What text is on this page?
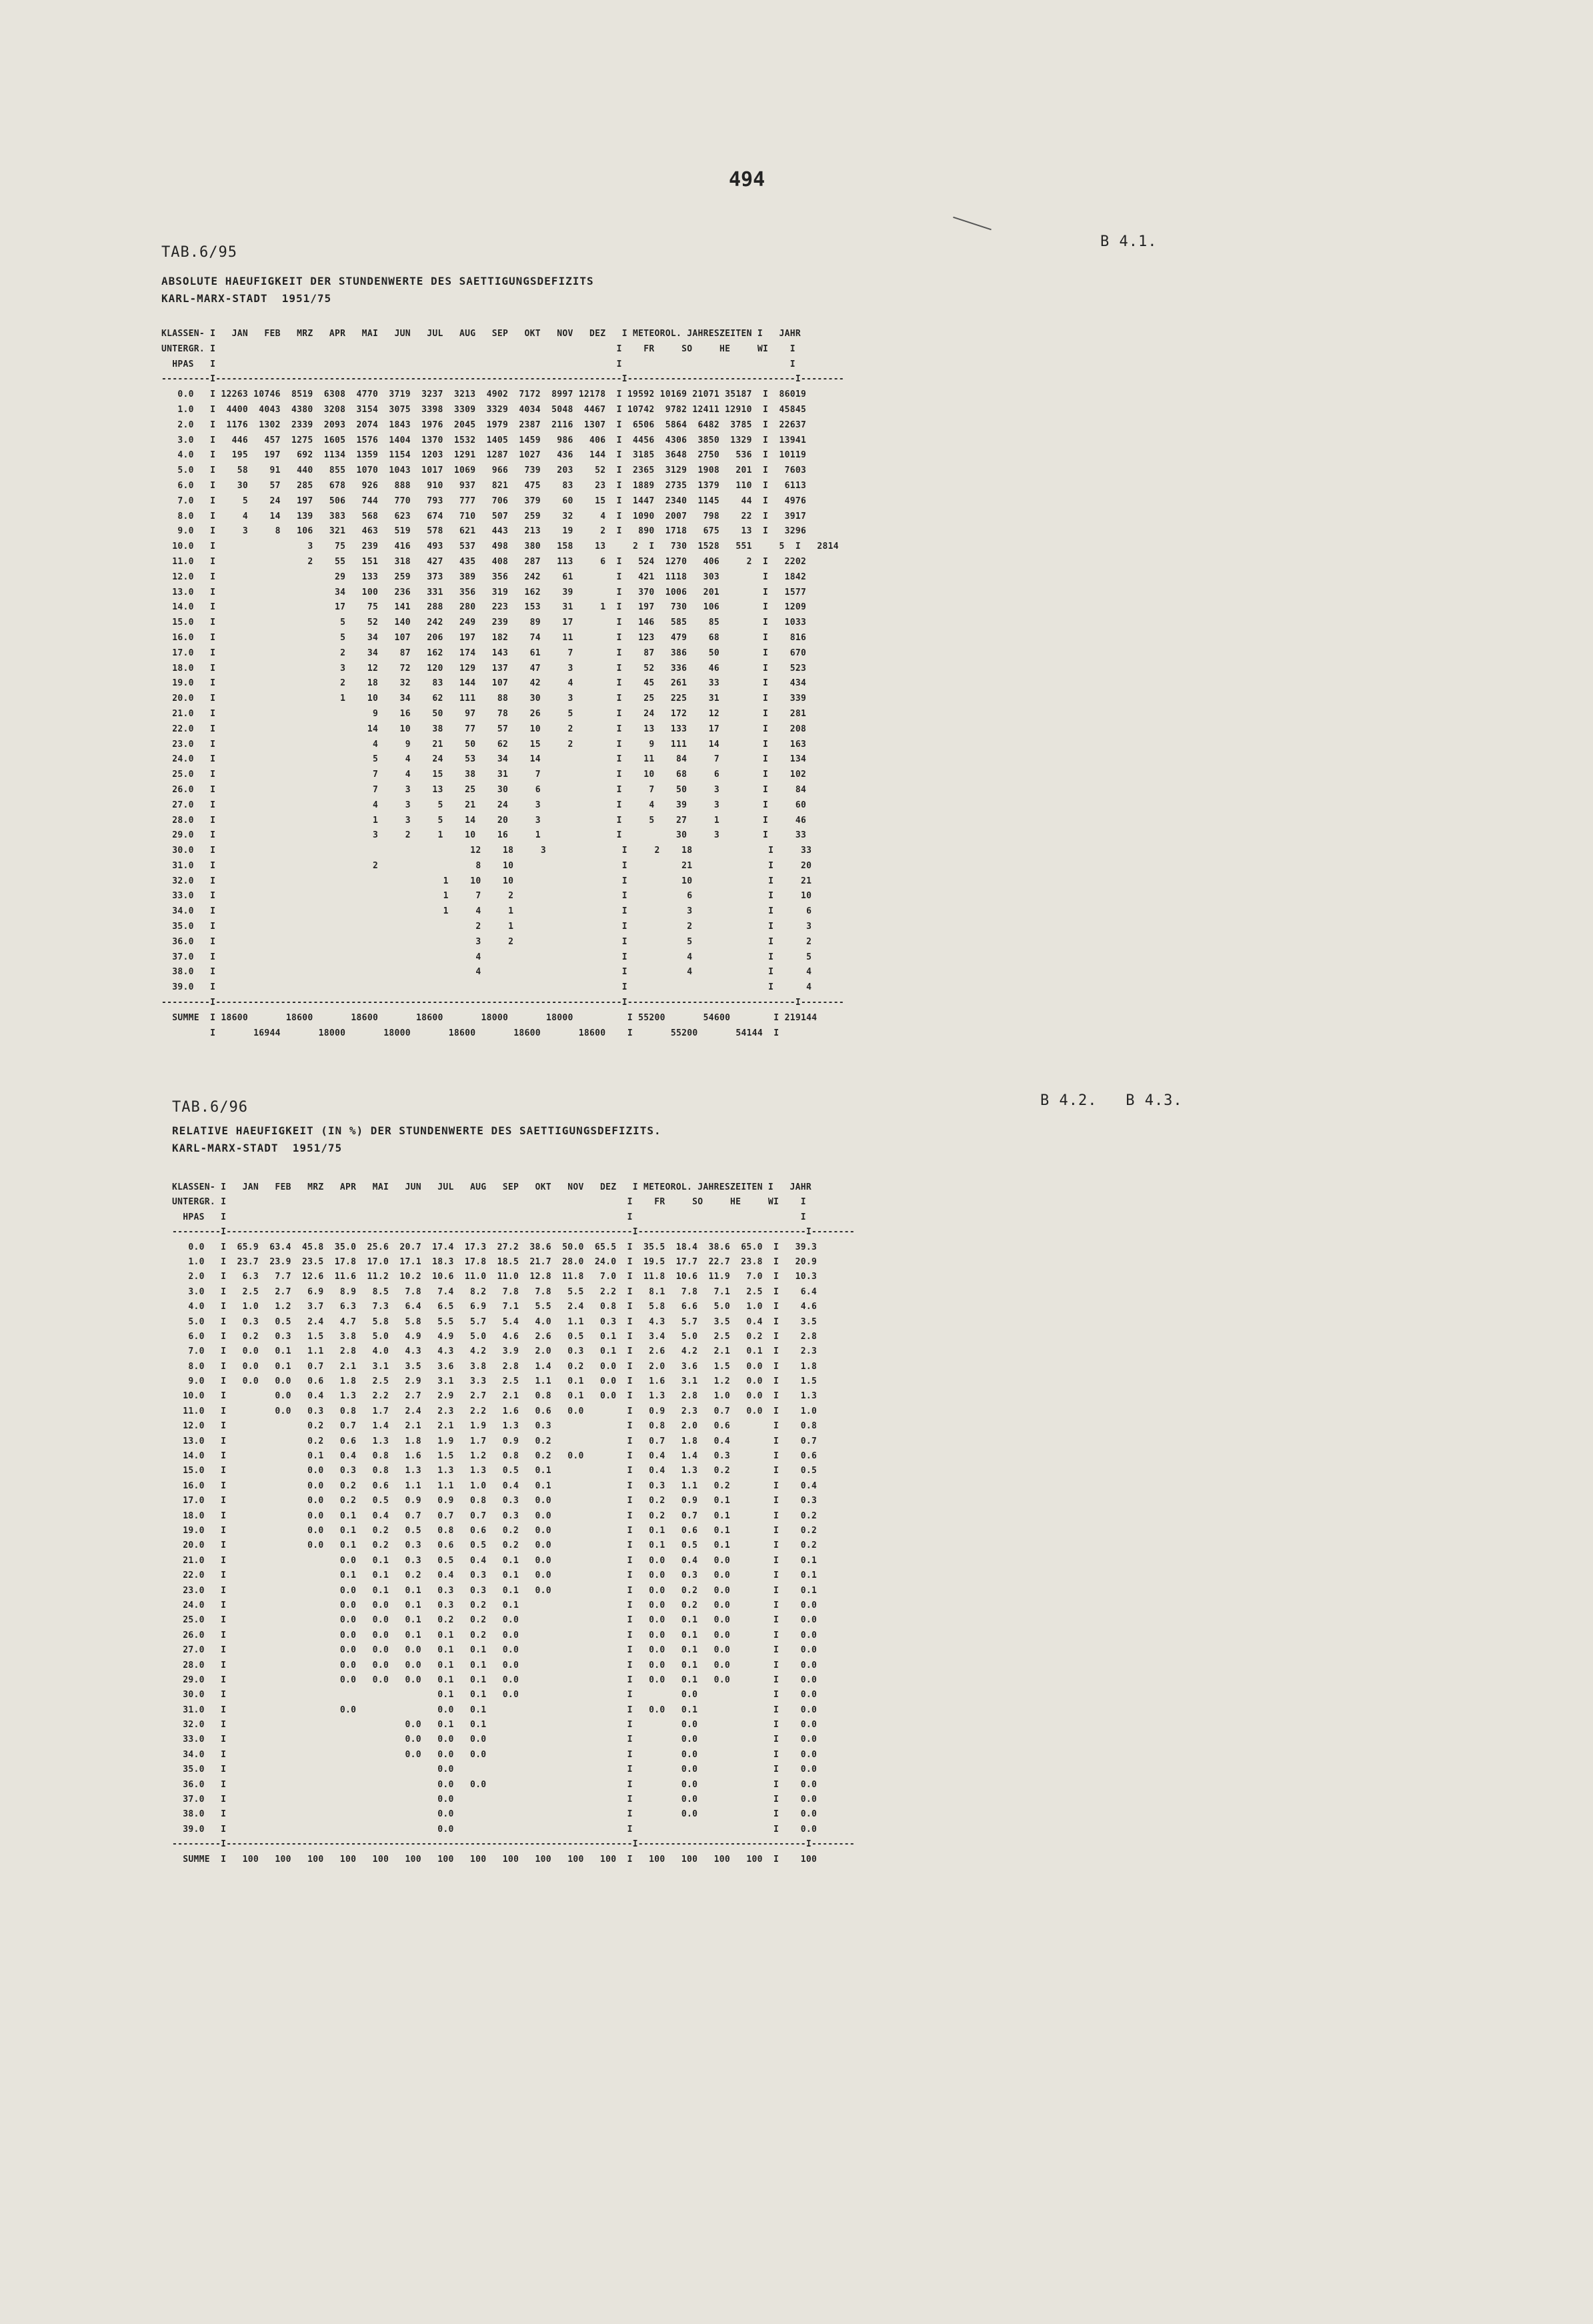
494
TAB.6/95
B 4.1.
ABSOLUTE HAEUFIGKEIT DER STUNDENWERTE DES SAETTIGUNGSDEFIZITS
KARL-MARX-STADT  1951/75
KLASSEN- I   JAN   FEB   MRZ   APR   MAI   JUN   JUL   AUG   SEP   OKT   NOV   DEZ   I METEOROL. JAHRESZEITEN I   JAHR
UNTERGR. I                                                                          I    FR     SO     HE     WI    I
HPAS   I                                                                          I                               I
---------I---------------------------------------------------------------------------I-------------------------------I--------
0.0   I 12263 10746  8519  6308  4770  3719  3237  3213  4902  7172  8997 12178  I 19592 10169 21071 35187  I  86019
1.0   I  4400  4043  4380  3208  3154  3075  3398  3309  3329  4034  5048  4467  I 10742  9782 12411 12910  I  45845
2.0   I  1176  1302  2339  2093  2074  1843  1976  2045  1979  2387  2116  1307  I  6506  5864  6482  3785  I  22637
3.0   I   446   457  1275  1605  1576  1404  1370  1532  1405  1459   986   406  I  4456  4306  3850  1329  I  13941
4.0   I   195   197   692  1134  1359  1154  1203  1291  1287  1027   436   144  I  3185  3648  2750   536  I  10119
5.0   I    58    91   440   855  1070  1043  1017  1069   966   739   203    52  I  2365  3129  1908   201  I   7603
6.0   I    30    57   285   678   926   888   910   937   821   475    83    23  I  1889  2735  1379   110  I   6113
7.0   I     5    24   197   506   744   770   793   777   706   379    60    15  I  1447  2340  1145    44  I   4976
8.0   I     4    14   139   383   568   623   674   710   507   259    32     4  I  1090  2007   798    22  I   3917
9.0   I     3     8   106   321   463   519   578   621   443   213    19     2  I   890  1718   675    13  I   3296
10.0   I                 3    75   239   416   493   537   498   380   158    13     2  I   730  1528   551     5  I   2814
11.0   I                 2    55   151   318   427   435   408   287   113     6  I   524  1270   406     2  I   2202
12.0   I                      29   133   259   373   389   356   242    61        I   421  1118   303        I   1842
13.0   I                      34   100   236   331   356   319   162    39        I   370  1006   201        I   1577
14.0   I                      17    75   141   288   280   223   153    31     1  I   197   730   106        I   1209
15.0   I                       5    52   140   242   249   239    89    17        I   146   585    85        I   1033
16.0   I                       5    34   107   206   197   182    74    11        I   123   479    68        I    816
17.0   I                       2    34    87   162   174   143    61     7        I    87   386    50        I    670
18.0   I                       3    12    72   120   129   137    47     3        I    52   336    46        I    523
19.0   I                       2    18    32    83   144   107    42     4        I    45   261    33        I    434
20.0   I                       1    10    34    62   111    88    30     3        I    25   225    31        I    339
21.0   I                             9    16    50    97    78    26     5        I    24   172    12        I    281
22.0   I                            14    10    38    77    57    10     2        I    13   133    17        I    208
23.0   I                             4     9    21    50    62    15     2        I     9   111    14        I    163
24.0   I                             5     4    24    53    34    14              I    11    84     7        I    134
25.0   I                             7     4    15    38    31     7              I    10    68     6        I    102
26.0   I                             7     3    13    25    30     6              I     7    50     3        I     84
27.0   I                             4     3     5    21    24     3              I     4    39     3        I     60
28.0   I                             1     3     5    14    20     3              I     5    27     1        I     46
29.0   I                             3     2     1    10    16     1              I          30     3        I     33
30.0   I                                               12    18     3              I     2    18              I     33
31.0   I                             2                  8    10                    I          21              I     20
32.0   I                                          1    10    10                    I          10              I     21
33.0   I                                          1     7     2                    I           6              I     10
34.0   I                                          1     4     1                    I           3              I      6
35.0   I                                                2     1                    I           2              I      3
36.0   I                                                3     2                    I           5              I      2
37.0   I                                                4                          I           4              I      5
38.0   I                                                4                          I           4              I      4
39.0   I                                                                           I                          I      4
---------I---------------------------------------------------------------------------I-------------------------------I--------
SUMME  I 18600       18600       18600       18600       18000       18000          I 55200       54600        I 219144
I       16944       18000       18000       18600       18600       18600    I       55200       54144  I
TAB.6/96	B 4.2.   B 4.3.
RELATIVE HAEUFIGKEIT (IN %) DER STUNDENWERTE DES SAETTIGUNGSDEFIZITS.
KARL-MARX-STADT  1951/75
KLASSEN- I   JAN   FEB   MRZ   APR   MAI   JUN   JUL   AUG   SEP   OKT   NOV   DEZ   I METEOROL. JAHRESZEITEN I   JAHR
UNTERGR. I                                                                          I    FR     SO     HE     WI    I
HPAS   I                                                                          I                               I
---------I---------------------------------------------------------------------------I-------------------------------I--------
0.0   I  65.9  63.4  45.8  35.0  25.6  20.7  17.4  17.3  27.2  38.6  50.0  65.5  I  35.5  18.4  38.6  65.0  I   39.3
1.0   I  23.7  23.9  23.5  17.8  17.0  17.1  18.3  17.8  18.5  21.7  28.0  24.0  I  19.5  17.7  22.7  23.8  I   20.9
2.0   I   6.3   7.7  12.6  11.6  11.2  10.2  10.6  11.0  11.0  12.8  11.8   7.0  I  11.8  10.6  11.9   7.0  I   10.3
3.0   I   2.5   2.7   6.9   8.9   8.5   7.8   7.4   8.2   7.8   7.8   5.5   2.2  I   8.1   7.8   7.1   2.5  I    6.4
4.0   I   1.0   1.2   3.7   6.3   7.3   6.4   6.5   6.9   7.1   5.5   2.4   0.8  I   5.8   6.6   5.0   1.0  I    4.6
5.0   I   0.3   0.5   2.4   4.7   5.8   5.8   5.5   5.7   5.4   4.0   1.1   0.3  I   4.3   5.7   3.5   0.4  I    3.5
6.0   I   0.2   0.3   1.5   3.8   5.0   4.9   4.9   5.0   4.6   2.6   0.5   0.1  I   3.4   5.0   2.5   0.2  I    2.8
7.0   I   0.0   0.1   1.1   2.8   4.0   4.3   4.3   4.2   3.9   2.0   0.3   0.1  I   2.6   4.2   2.1   0.1  I    2.3
8.0   I   0.0   0.1   0.7   2.1   3.1   3.5   3.6   3.8   2.8   1.4   0.2   0.0  I   2.0   3.6   1.5   0.0  I    1.8
9.0   I   0.0   0.0   0.6   1.8   2.5   2.9   3.1   3.3   2.5   1.1   0.1   0.0  I   1.6   3.1   1.2   0.0  I    1.5
10.0   I         0.0   0.4   1.3   2.2   2.7   2.9   2.7   2.1   0.8   0.1   0.0  I   1.3   2.8   1.0   0.0  I    1.3
11.0   I         0.0   0.3   0.8   1.7   2.4   2.3   2.2   1.6   0.6   0.0        I   0.9   2.3   0.7   0.0  I    1.0
12.0   I               0.2   0.7   1.4   2.1   2.1   1.9   1.3   0.3              I   0.8   2.0   0.6        I    0.8
13.0   I               0.2   0.6   1.3   1.8   1.9   1.7   0.9   0.2              I   0.7   1.8   0.4        I    0.7
14.0   I               0.1   0.4   0.8   1.6   1.5   1.2   0.8   0.2   0.0        I   0.4   1.4   0.3        I    0.6
15.0   I               0.0   0.3   0.8   1.3   1.3   1.3   0.5   0.1              I   0.4   1.3   0.2        I    0.5
16.0   I               0.0   0.2   0.6   1.1   1.1   1.0   0.4   0.1              I   0.3   1.1   0.2        I    0.4
17.0   I               0.0   0.2   0.5   0.9   0.9   0.8   0.3   0.0              I   0.2   0.9   0.1        I    0.3
18.0   I               0.0   0.1   0.4   0.7   0.7   0.7   0.3   0.0              I   0.2   0.7   0.1        I    0.2
19.0   I               0.0   0.1   0.2   0.5   0.8   0.6   0.2   0.0              I   0.1   0.6   0.1        I    0.2
20.0   I               0.0   0.1   0.2   0.3   0.6   0.5   0.2   0.0              I   0.1   0.5   0.1        I    0.2
21.0   I                     0.0   0.1   0.3   0.5   0.4   0.1   0.0              I   0.0   0.4   0.0        I    0.1
22.0   I                     0.1   0.1   0.2   0.4   0.3   0.1   0.0              I   0.0   0.3   0.0        I    0.1
23.0   I                     0.0   0.1   0.1   0.3   0.3   0.1   0.0              I   0.0   0.2   0.0        I    0.1
24.0   I                     0.0   0.0   0.1   0.3   0.2   0.1                    I   0.0   0.2   0.0        I    0.0
25.0   I                     0.0   0.0   0.1   0.2   0.2   0.0                    I   0.0   0.1   0.0        I    0.0
26.0   I                     0.0   0.0   0.1   0.1   0.2   0.0                    I   0.0   0.1   0.0        I    0.0
27.0   I                     0.0   0.0   0.0   0.1   0.1   0.0                    I   0.0   0.1   0.0        I    0.0
28.0   I                     0.0   0.0   0.0   0.1   0.1   0.0                    I   0.0   0.1   0.0        I    0.0
29.0   I                     0.0   0.0   0.0   0.1   0.1   0.0                    I   0.0   0.1   0.0        I    0.0
30.0   I                                       0.1   0.1   0.0                    I         0.0              I    0.0
31.0   I                     0.0               0.0   0.1                          I   0.0   0.1              I    0.0
32.0   I                                 0.0   0.1   0.1                          I         0.0              I    0.0
33.0   I                                 0.0   0.0   0.0                          I         0.0              I    0.0
34.0   I                                 0.0   0.0   0.0                          I         0.0              I    0.0
35.0   I                                       0.0                                I         0.0              I    0.0
36.0   I                                       0.0   0.0                          I         0.0              I    0.0
37.0   I                                       0.0                                I         0.0              I    0.0
38.0   I                                       0.0                                I         0.0              I    0.0
39.0   I                                       0.0                                I                          I    0.0
---------I---------------------------------------------------------------------------I-------------------------------I--------
SUMME  I   100   100   100   100   100   100   100   100   100   100   100   100  I   100   100   100   100  I    100
